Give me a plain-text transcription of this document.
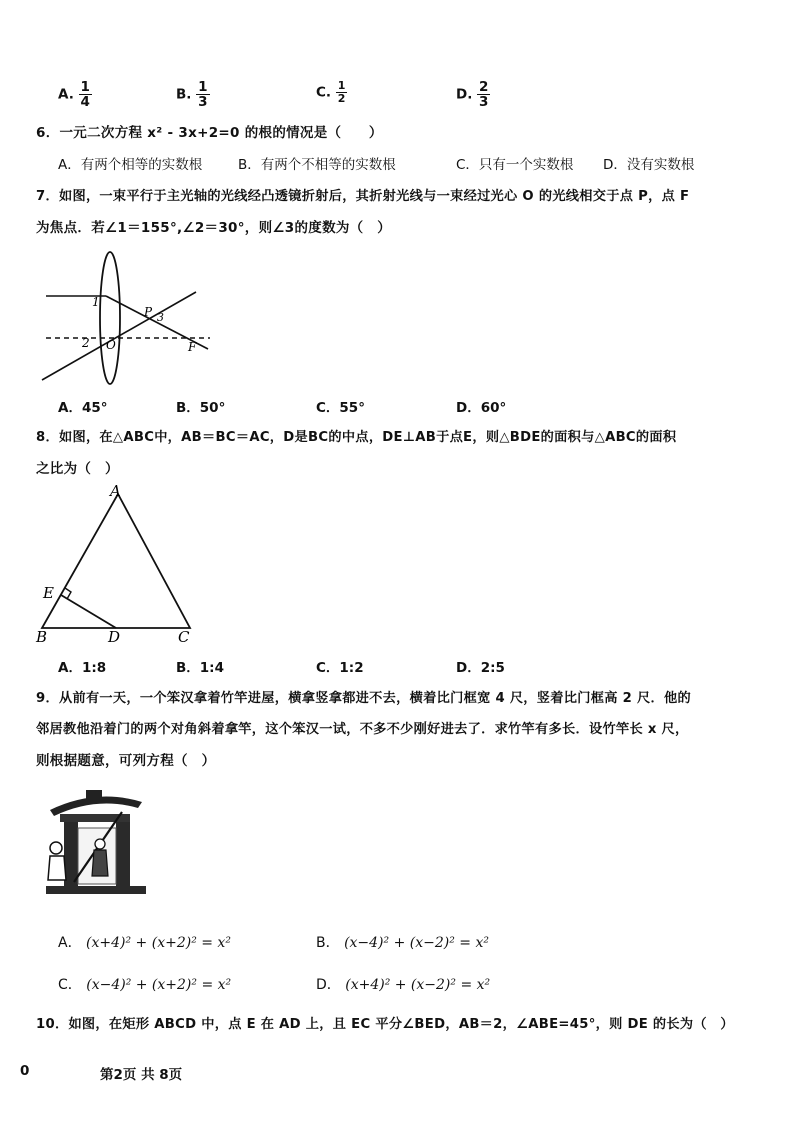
A. $\frac{1}{4}$	B. $\frac{1}{3}$	C. $\frac{1}{2}$	D. $\frac{2}{3}$
6．一元二次方程 x² - 3x+2=0 的根的情况是（　　）
A．有两个相等的实数根	B．有两个不相等的实数根	C．只有一个实数根 D．没有实数根
7．如图，一束平行于主光轴的光线经凸透镜折射后，其折射光线与一束经过光心 O 的光线相交于点 P，点 F
为焦点．若∠1＝155°,∠2＝30°，则∠3的度数为（　）
1
2 O
P 3
F
A．45°	B．50°	C．55°	D．60°
8．如图，在△ABC中，AB＝BC＝AC，D是BC的中点，DE⊥AB于点E，则△BDE的面积与△ABC的面积
之比为（　）
A
B	C
D
E
A．1:8	B．1:4	C．1:2	D．2:5
9．从前有一天，一个笨汉拿着竹竿进屋，横拿竖拿都进不去，横着比门框宽 4 尺，竖着比门框高 2 尺．他的
邻居教他沿着门的两个对角斜着拿竿，这个笨汉一试，不多不少刚好进去了．求竹竿有多长．设竹竿长 x 尺，
则根据题意，可列方程（　）
A． (x+4)² + (x+2)² = x²	B． (x−4)² + (x−2)² = x²
C． (x−4)² + (x+2)² = x²	D． (x+4)² + (x−2)² = x²
10．如图，在矩形 ABCD 中，点 E 在 AD 上，且 EC 平分∠BED，AB＝2，∠ABE=45°，则 DE 的长为（　）
0	第2页 共 8页
